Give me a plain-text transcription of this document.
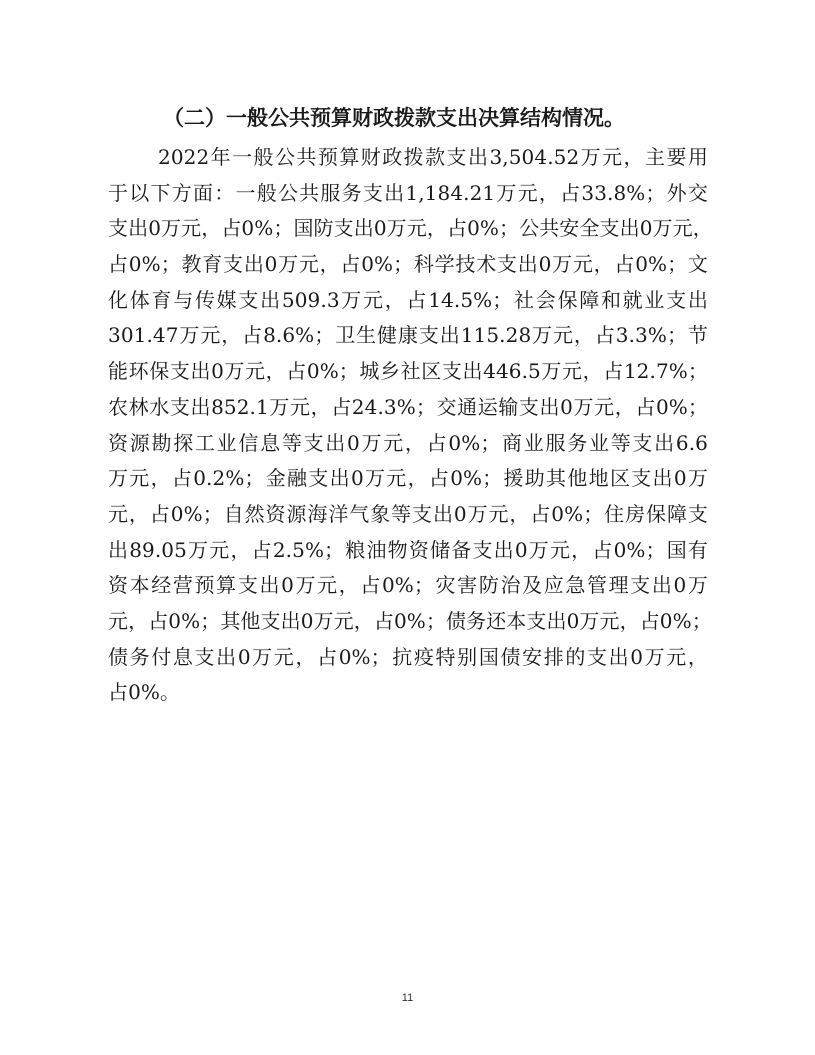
（二）一般公共预算财政拨款支出决算结构情况。
2022年一般公共预算财政拨款支出3,504.52万元，主要用
于以下方面：一般公共服务支出1,184.21万元，占33.8%；外交
支出0万元，占0%；国防支出0万元，占0%；公共安全支出0万元，
占0%；教育支出0万元，占0%；科学技术支出0万元，占0%；文
化体育与传媒支出509.3万元，占14.5%；社会保障和就业支出
301.47万元，占8.6%；卫生健康支出115.28万元，占3.3%；节
能环保支出0万元，占0%；城乡社区支出446.5万元，占12.7%；
农林水支出852.1万元，占24.3%；交通运输支出0万元，占0%；
资源勘探工业信息等支出0万元，占0%；商业服务业等支出6.6
万元，占0.2%；金融支出0万元，占0%；援助其他地区支出0万
元，占0%；自然资源海洋气象等支出0万元，占0%；住房保障支
出89.05万元，占2.5%；粮油物资储备支出0万元，占0%；国有
资本经营预算支出0万元，占0%；灾害防治及应急管理支出0万
元，占0%；其他支出0万元，占0%；债务还本支出0万元，占0%；
债务付息支出0万元，占0%；抗疫特别国债安排的支出0万元，
占0%。
11
